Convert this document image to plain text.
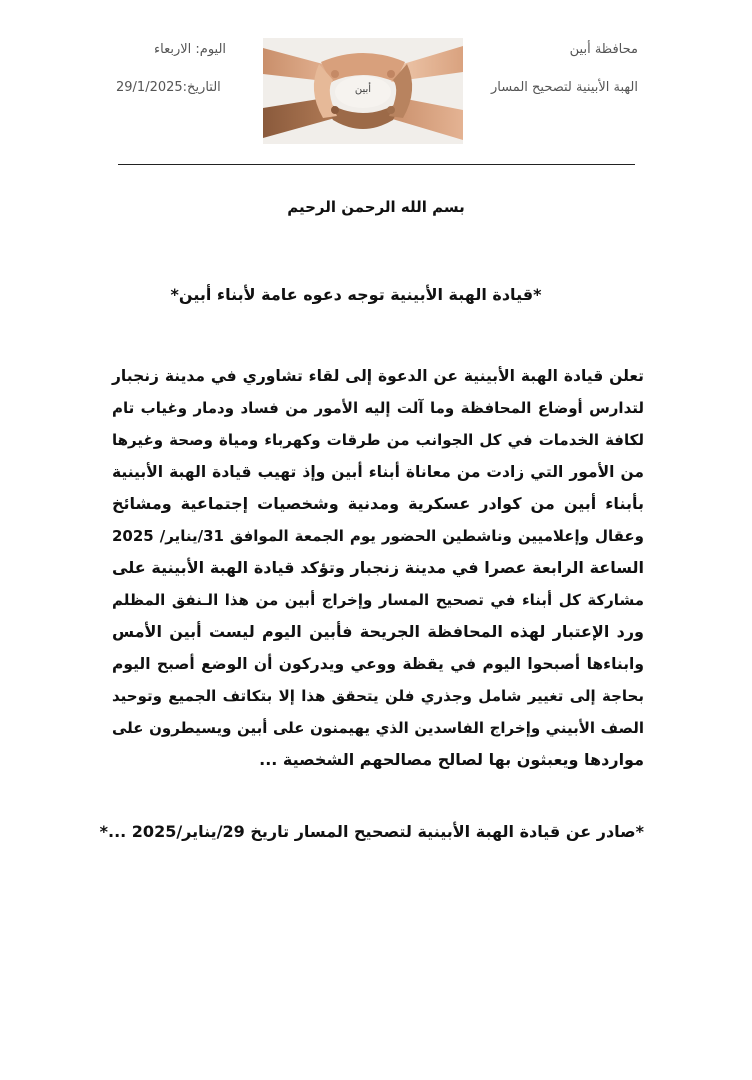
محافظة أبين
الهبة الأبينية لتصحيح المسار
اليوم: الاربعاء
التاريخ:29/1/2025	أبين
بسم الله الرحمن الرحيم
*قيادة الهبة الأبينية توجه دعوه عامة لأبناء أبين*
تعلن قيادة الهبة الأبينية عن الدعوة إلى لقاء تشاوري في مدينة زنجبار
لتدارس أوضاع المحافظة وما آلت إليه الأمور من فساد ودمار وغياب تام
لكافة الخدمات في كل الجوانب من طرقات وكهرباء ومياة وصحة وغيرها
من الأمور التي زادت من معاناة أبناء أبين وإذ تهيب قيادة الهبة الأبينية
بأبناء أبين من كوادر عسكرية ومدنية وشخصيات إجتماعية ومشائخ
وعقال وإعلاميين وناشطين الحضور يوم الجمعة الموافق 31/يناير/ 2025
الساعة الرابعة عصرا في مدينة زنجبار وتؤكد قيادة الهبة الأبينية على
مشاركة كل أبناء في تصحيح المسار وإخراج أبين من هذا الـنفق المظلم
ورد الإعتبار لهذه المحافظة الجريحة فأبين اليوم ليست أبين الأمس
وابناءها أصبحوا اليوم في يقظة ووعي ويدركون أن الوضع أصبح اليوم
بحاجة إلى تغيير شامل وجذري فلن يتحقق هذا إلا بتكاتف الجميع وتوحيد
الصف الأبيني وإخراج الفاسدين الذي يهيمنون على أبين ويسيطرون على
مواردها ويعبثون بها لصالح مصالحهم الشخصية ...
*صادر عن قيادة الهبة الأبينية لتصحيح المسار تاريخ 29/يناير/2025 ...*
